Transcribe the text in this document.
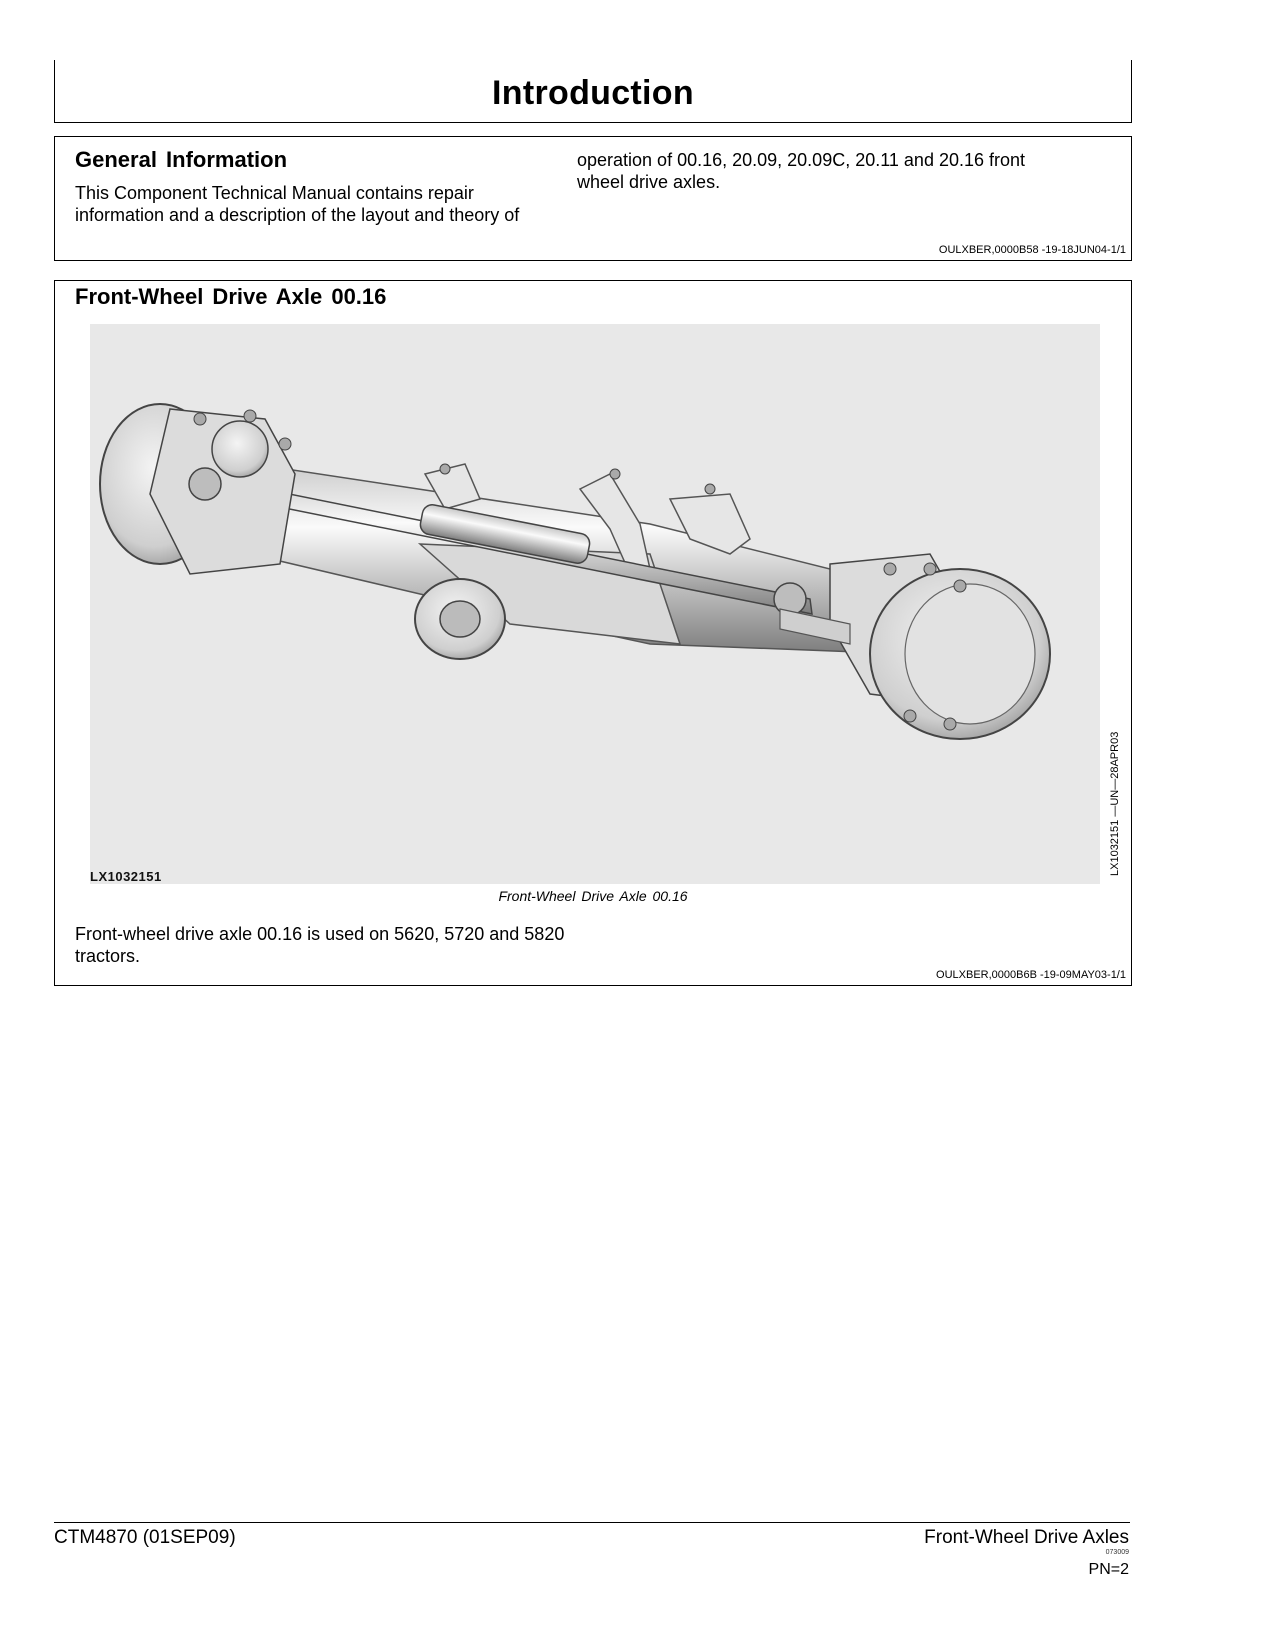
Introduction
General Information
This Component Technical Manual contains repair information and a description of the layout and theory of
operation of 00.16, 20.09, 20.09C, 20.11 and 20.16 front wheel drive axles.
OULXBER,0000B58 -19-18JUN04-1/1
Front-Wheel Drive Axle 00.16
LX1032151
LX1032151 —UN—28APR03
Front-Wheel Drive Axle 00.16
Front-wheel drive axle 00.16 is used on 5620, 5720 and 5820 tractors.
OULXBER,0000B6B -19-09MAY03-1/1
CTM4870 (01SEP09)	Front-Wheel Drive Axles
073009
PN=2
